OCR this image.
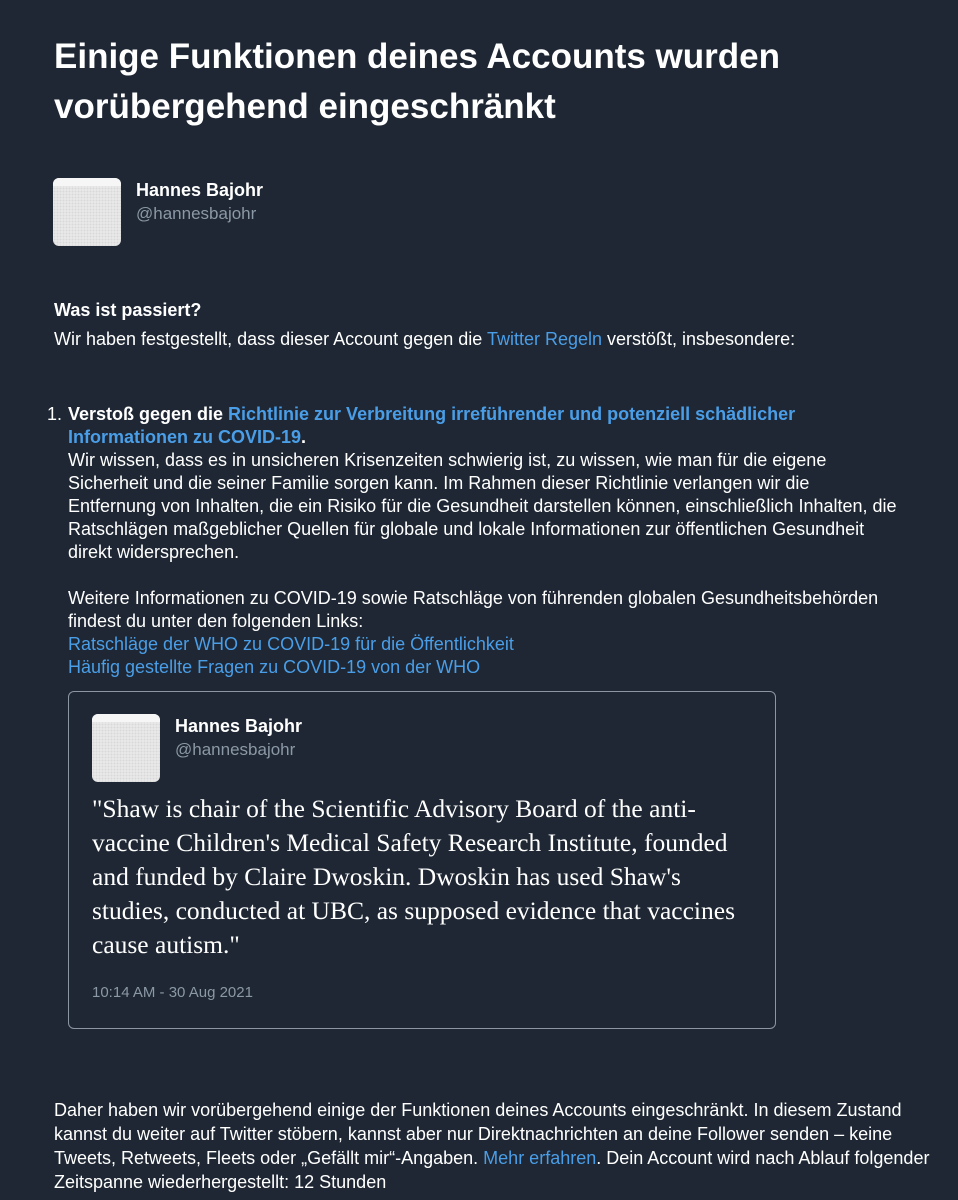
Einige Funktionen deines Accounts wurden vorübergehend eingeschränkt
Hannes Bajohr
@hannesbajohr
Was ist passiert?
Wir haben festgestellt, dass dieser Account gegen die Twitter Regeln verstößt, insbesondere:
1. Verstoß gegen die Richtlinie zur Verbreitung irreführender und potenziell schädlicher Informationen zu COVID-19.
Wir wissen, dass es in unsicheren Krisenzeiten schwierig ist, zu wissen, wie man für die eigene Sicherheit und die seiner Familie sorgen kann. Im Rahmen dieser Richtlinie verlangen wir die Entfernung von Inhalten, die ein Risiko für die Gesundheit darstellen können, einschließlich Inhalten, die Ratschlägen maßgeblicher Quellen für globale und lokale Informationen zur öffentlichen Gesundheit direkt widersprechen.
Weitere Informationen zu COVID-19 sowie Ratschläge von führenden globalen Gesundheitsbehörden findest du unter den folgenden Links:
Ratschläge der WHO zu COVID-19 für die Öffentlichkeit
Häufig gestellte Fragen zu COVID-19 von der WHO
Hannes Bajohr
@hannesbajohr
"Shaw is chair of the Scientific Advisory Board of the anti-vaccine Children's Medical Safety Research Institute, founded and funded by Claire Dwoskin. Dwoskin has used Shaw's studies, conducted at UBC, as supposed evidence that vaccines cause autism."
10:14 AM - 30 Aug 2021
Daher haben wir vorübergehend einige der Funktionen deines Accounts eingeschränkt. In diesem Zustand kannst du weiter auf Twitter stöbern, kannst aber nur Direktnachrichten an deine Follower senden – keine Tweets, Retweets, Fleets oder „Gefällt mir“-Angaben. Mehr erfahren. Dein Account wird nach Ablauf folgender Zeitspanne wiederhergestellt: 12 Stunden
